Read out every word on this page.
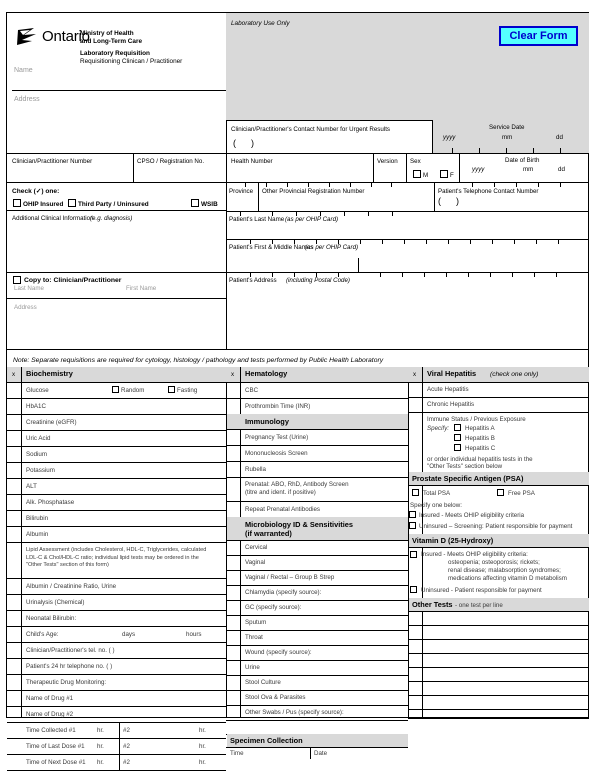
Ontario
Ministry of Health
and Long-Term Care
Laboratory Requisition
Requisitioning Clinican / Practitioner
Name
Address
Laboratory Use Only
Clear Form
Clinician/Practitioner's Contact Number for Urgent Results
(      )
Service Date
yyyy	mm	dd
Clinician/Practitioner Number	CPSO / Registration No.	Health Number	Version Sex
M	F
Date of Birth
yyyy	mm	dd
Check (✓) one:
OHIP Insured Third Party / Uninsured	WSIB
Additional Clinical Information
(e.g. diagnosis)
Copy to: Clinician/Practitioner
Last Name	First Name
Address
Province Other Provincial Registration Number	Patient's Telephone Contact Number
(      )
Patient's Last Name (as per OHIP Card)
Patient's First & Middle Names
(as per OHIP Card)
Patient's Address (including Postal Code)
Note: Separate requisitions are required for cytology, histology / pathology and tests performed by Public Health Laboratory
x Biochemistry	x Hematology	x Viral Hepatitis (check one only)
Glucose	Random	Fasting
HbA1C
Creatinine (eGFR)
Uric Acid
Sodium
Potassium
ALT
Alk. Phosphatase
Bilirubin
Albumin
Lipid Assessment (includes Cholesterol, HDL-C, Triglycerides, calculated LDL-C & Chol/HDL-C ratio; individual lipid tests may be ordered in the "Other Tests" section of this form)
Albumin / Creatinine Ratio, Urine
Urinalysis (Chemical)
Neonatal Bilirubin:
Child's Age:	days	hours
Clinician/Practitioner's tel. no. ( )
Patient's 24 hr telephone no. ( )
Therapeutic Drug Monitoring:
Name of Drug #1
Name of Drug #2
Time Collected #1	hr.	#2	hr.
Time of Last Dose #1 hr.	#2	hr.
Time of Next Dose #1 hr.	#2	hr.
CBC
Prothrombin Time (INR)
Immunology
Pregnancy Test (Urine)
Mononucleosis Screen
Rubella
Prenatal: ABO, RhD, Antibody Screen
(titre and ident. if positive)
Repeat Prenatal Antibodies
Microbiology ID & Sensitivities
(if warranted)
Cervical
Vaginal
Vaginal / Rectal – Group B Strep
Chlamydia (specify source):
GC (specify source):
Sputum
Throat
Wound (specify source):
Urine
Stool Culture
Stool Ova & Parasites
Other Swabs / Pus (specify source):
Specimen Collection
Time	Date
Acute Hepatitis
Chronic Hepatitis
Immune Status / Previous Exposure
Specify:	Hepatitis A
Hepatitis B
Hepatitis C
or order individual hepatitis tests in the
"Other Tests" section below
Prostate Specific Antigen (PSA)
Total PSA	Free PSA
Specify one below:
Insured - Meets OHIP eligibility criteria
Uninsured – Screening: Patient responsible for payment
Vitamin D (25-Hydroxy)
Insured - Meets OHIP eligibility criteria:
osteopenia; osteoporosis; rickets;
renal disease; malabsorption syndromes;
medications affecting vitamin D metabolism
Uninsured - Patient responsible for payment
Other Tests - one test per line
